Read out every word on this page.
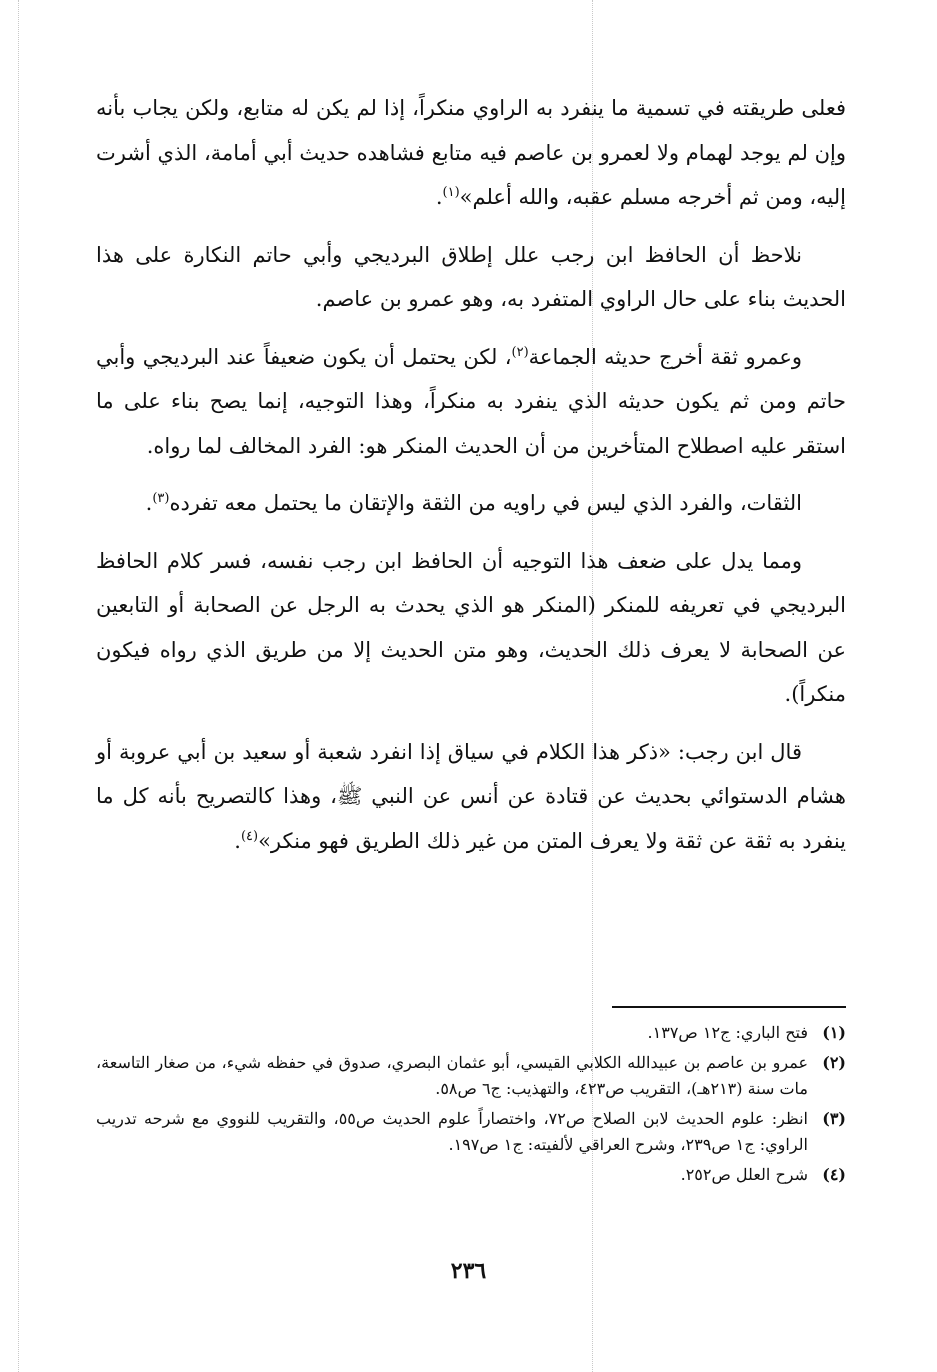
فعلى طريقته في تسمية ما ينفرد به الراوي منكراً، إذا لم يكن له متابع، ولكن يجاب بأنه وإن لم يوجد لهمام ولا لعمرو بن عاصم فيه متابع فشاهده حديث أبي أمامة، الذي أشرت إليه، ومن ثم أخرجه مسلم عقبه، والله أعلم»$^{(١)}$.

نلاحظ أن الحافظ ابن رجب علل إطلاق البرديجي وأبي حاتم النكارة على هذا الحديث بناء على حال الراوي المتفرد به، وهو عمرو بن عاصم.

وعمرو ثقة أخرج حديثه الجماعة$^{(٢)}$، لكن يحتمل أن يكون ضعيفاً عند البرديجي وأبي حاتم ومن ثم يكون حديثه الذي ينفرد به منكراً، وهذا التوجيه، إنما يصح بناء على ما استقر عليه اصطلاح المتأخرين من أن الحديث المنكر هو: الفرد المخالف لما رواه.

الثقات، والفرد الذي ليس في راويه من الثقة والإتقان ما يحتمل معه تفرده$^{(٣)}$.

ومما يدل على ضعف هذا التوجيه أن الحافظ ابن رجب نفسه، فسر كلام الحافظ البرديجي في تعريفه للمنكر (المنكر هو الذي يحدث به الرجل عن الصحابة أو التابعين عن الصحابة لا يعرف ذلك الحديث، وهو متن الحديث إلا من طريق الذي رواه فيكون منكراً).

قال ابن رجب: «ذكر هذا الكلام في سياق إذا انفرد شعبة أو سعيد بن أبي عروبة أو هشام الدستوائي بحديث عن قتادة عن أنس عن النبي ﷺ، وهذا كالتصريح بأنه كل ما ينفرد به ثقة عن ثقة ولا يعرف المتن من غير ذلك الطريق فهو منكر»$^{(٤)}$.

(١)
فتح الباري: ج١٢ ص١٣٧.
(٢)
عمرو بن عاصم بن عبيدالله الكلابي القيسي، أبو عثمان البصري، صدوق في حفظه شيء، من صغار التاسعة، مات سنة (٢١٣هـ)، التقريب ص٤٢٣، والتهذيب: ج٦ ص٥٨.
(٣)
انظر: علوم الحديث لابن الصلاح ص٧٢، واختصاراً علوم الحديث ص٥٥، والتقريب للنووي مع شرحه تدريب الراوي: ج١ ص٢٣٩، وشرح العراقي لألفيته: ج١ ص١٩٧.
(٤)
شرح العلل ص٢٥٢.
٢٣٦
